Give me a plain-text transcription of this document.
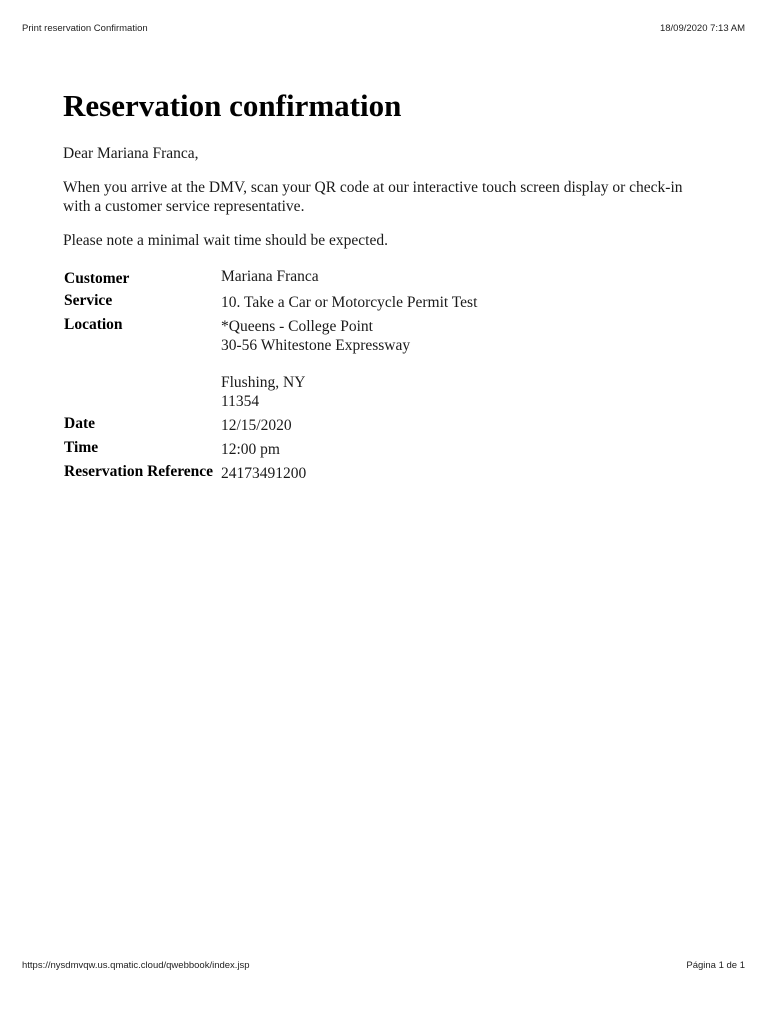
Print reservation Confirmation	18/09/2020 7:13 AM
Reservation confirmation

Dear Mariana Franca,

When you arrive at the DMV, scan your QR code at our interactive touch screen display or check-in with a customer service representative.

Please note a minimal wait time should be expected.

Customer	Mariana Franca
Service	10. Take a Car or Motorcycle Permit Test
Location	*Queens - College Point
30-56 Whitestone Expressway
Flushing, NY
11354

Date	12/15/2020
Time	12:00 pm
Reservation Reference	24173491200
https://nysdmvqw.us.qmatic.cloud/qwebbook/index.jsp	Página 1 de 1
